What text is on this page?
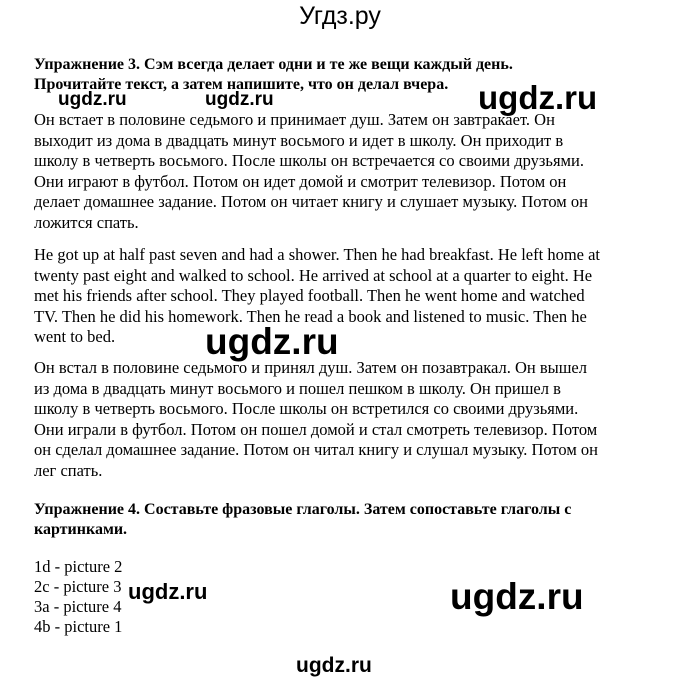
Угдз.ру
Упражнение 3. Сэм всегда делает одни и те же вещи каждый день.
Прочитайте текст, а затем напишите, что он делал вчера.
Он встает в половине седьмого и принимает душ. Затем он завтракает. Он
выходит из дома в двадцать минут восьмого и идет в школу. Он приходит в
школу в четверть восьмого. После школы он встречается со своими друзьями.
Они играют в футбол. Потом он идет домой и смотрит телевизор. Потом он
делает домашнее задание. Потом он читает книгу и слушает музыку. Потом он
ложится спать.
He got up at half past seven and had a shower. Then he had breakfast. He left home at
twenty past eight and walked to school. He arrived at school at a quarter to eight. He
met his friends after school. They played football. Then he went home and watched
TV. Then he did his homework. Then he read a book and listened to music. Then he
went to bed.
Он встал в половине седьмого и принял душ. Затем он позавтракал. Он вышел
из дома в двадцать минут восьмого и пошел пешком в школу. Он пришел в
школу в четверть восьмого. После школы он встретился со своими друзьями.
Они играли в футбол. Потом он пошел домой и стал смотреть телевизор. Потом
он сделал домашнее задание. Потом он читал книгу и слушал музыку. Потом он
лег спать.
Упражнение 4. Составьте фразовые глаголы. Затем сопоставьте глаголы с
картинками.
1d - picture 2
2c - picture 3
3a - picture 4
4b - picture 1
ugdz.ru	ugdz.ru	ugdz.ru
ugdz.ru
ugdz.ru	ugdz.ru
ugdz.ru
